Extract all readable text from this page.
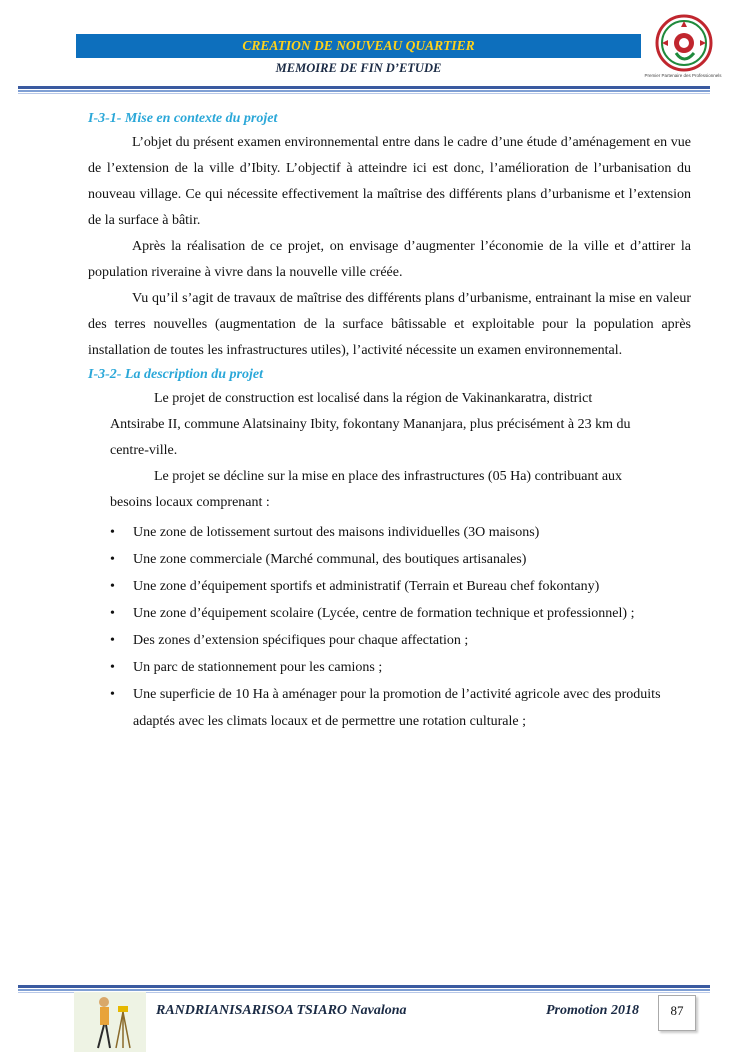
CREATION DE NOUVEAU QUARTIER
MEMOIRE DE FIN D’ETUDE
Premier Partenaire des Professionnels
I-3-1- Mise en contexte du projet

L’objet du présent examen environnemental entre dans le cadre d’une étude d’aménagement en vue de l’extension de la ville d’Ibity. L’objectif à atteindre ici est donc, l’amélioration de l’urbanisation du nouveau village. Ce qui nécessite effectivement la maîtrise des différents plans d’urbanisme et l’extension de la surface à bâtir.

Après la réalisation de ce projet, on envisage d’augmenter l’économie de la ville et d’attirer la population riveraine à vivre dans la nouvelle ville créée.

Vu qu’il s’agit de travaux de maîtrise des différents plans d’urbanisme, entrainant la mise en valeur des terres nouvelles (augmentation de la surface bâtissable et exploitable pour la population après installation de toutes les infrastructures utiles), l’activité nécessite un examen environnemental.

I-3-2- La description du projet

Le projet de construction est localisé dans la région de Vakinankaratra, district Antsirabe II, commune Alatsinainy Ibity, fokontany Mananjara, plus précisément à 23 km du centre-ville.

Le projet se décline sur la mise en place des infrastructures (05 Ha) contribuant aux besoins locaux comprenant :

• Une zone de lotissement surtout des maisons individuelles (3O maisons)
• Une zone commerciale (Marché communal, des boutiques artisanales)
• Une zone d’équipement sportifs et administratif (Terrain et Bureau chef fokontany)
• Une zone d’équipement scolaire (Lycée, centre de formation technique et professionnel) ;
• Des zones d’extension spécifiques pour chaque affectation ;
• Un parc de stationnement pour les camions ;
• Une superficie de 10 Ha à aménager pour la promotion de l’activité agricole avec des produits adaptés avec les climats locaux et de permettre une rotation culturale ;
RANDRIANISARISOA TSIARO Navalona	Promotion 2018	87
